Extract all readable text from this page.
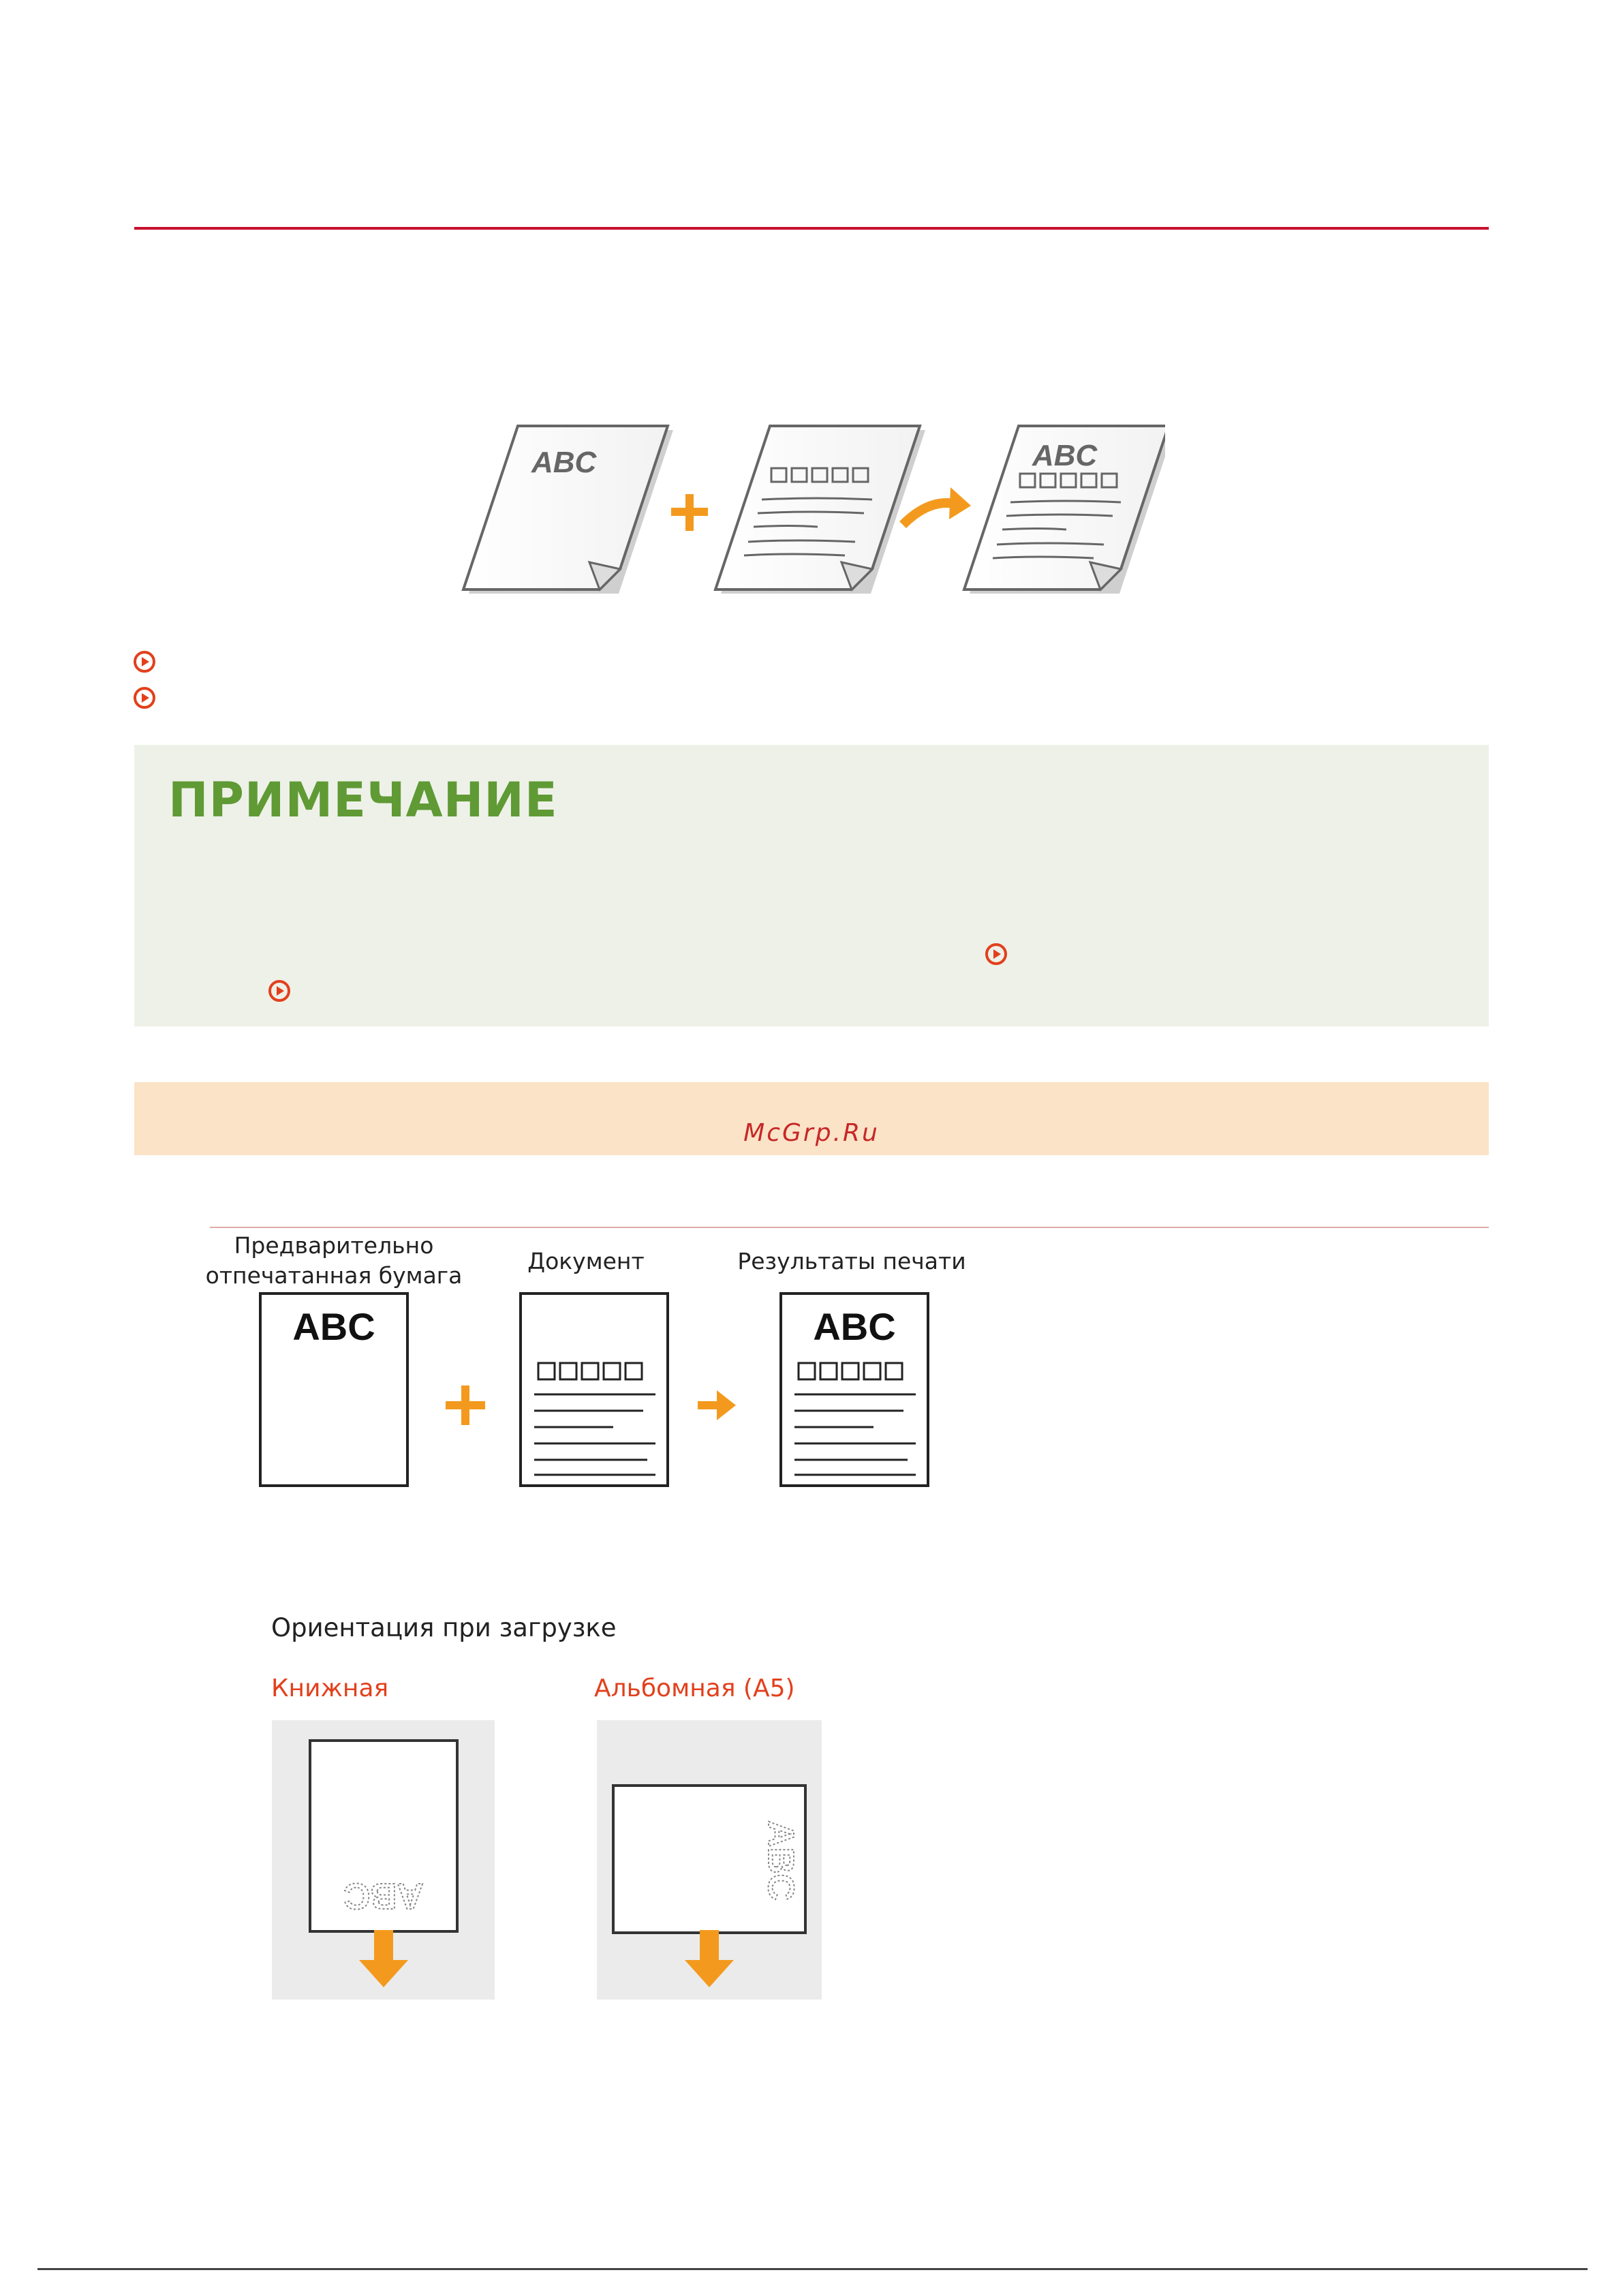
ABC	ABC
ПРИМЕЧАНИЕ
McGrp.Ru
Предварительно
отпечатанная бумага
Документ	Результаты печати
ABC	ABC
Ориентация при загрузке
Книжная	Альбомная (A5)
ABC	ABC
